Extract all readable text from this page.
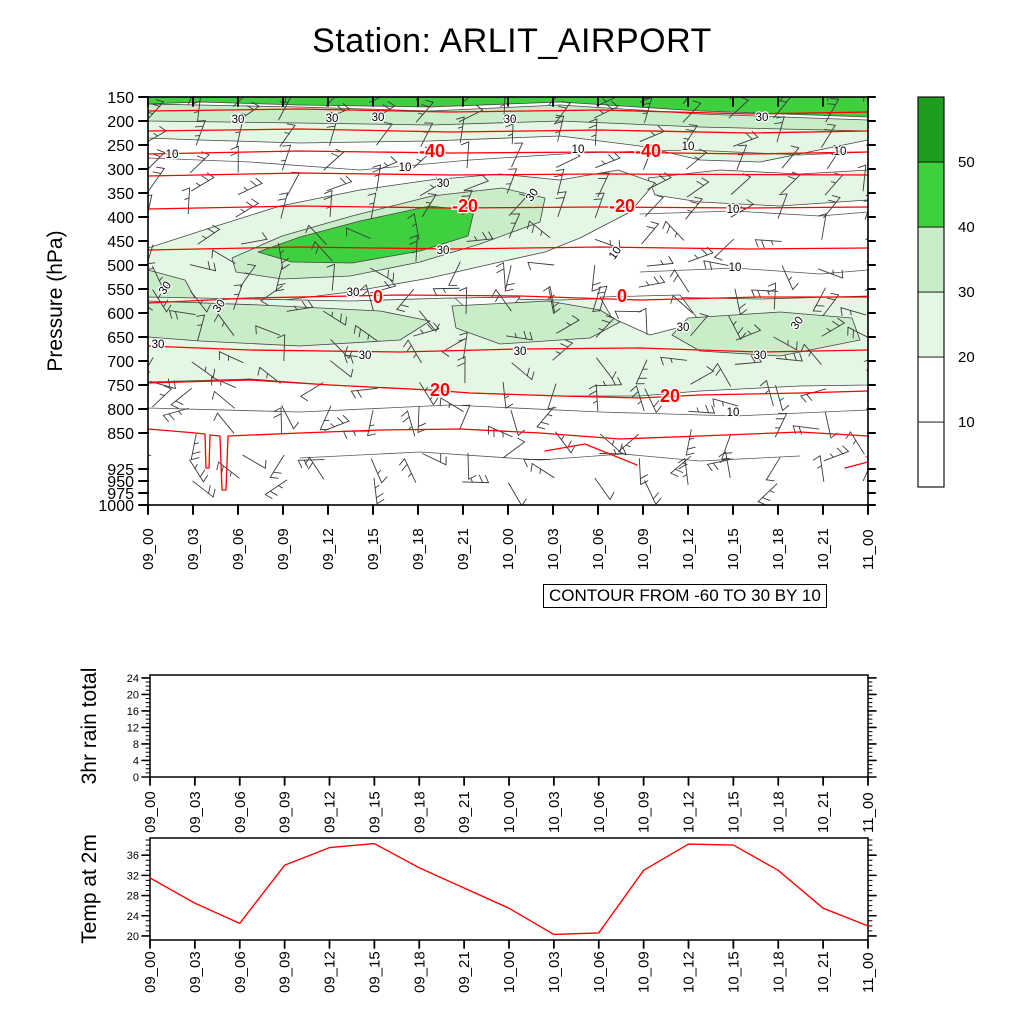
Station: ARLIT_AIRPORT
CONTOUR FROM -60 TO 30 BY 10
30	30	30	30	30
10
10
10	10	10
30
30
10
10
10
30
30
30
30
30
30	30
30
30
30
10
-40	-40
-20	-20
0	0
20	20
150
200
250
300
350
400
450
500
550
600
650
700
750
800
850
925
950
975
1000
09_00 09_03 09_06 09_09 09_12 09_15 09_18 09_21 10_00 10_03 10_06 10_09 10_12 10_15 10_18 10_21 11_00
Pressure (hPa)
50
40
30
20
10
3hr rain total	0
4
8
12
16
20
24
09_00 09_03 09_06 09_09 09_12 09_15 09_18 09_21 10_00 10_03 10_06 10_09 10_12 10_15 10_18 10_21 11_00
Temp at 2m 20
24
28
32
36
09_00 09_03 09_06 09_09 09_12 09_15 09_18 09_21 10_00 10_03 10_06 10_09 10_12 10_15 10_18 10_21 11_00
